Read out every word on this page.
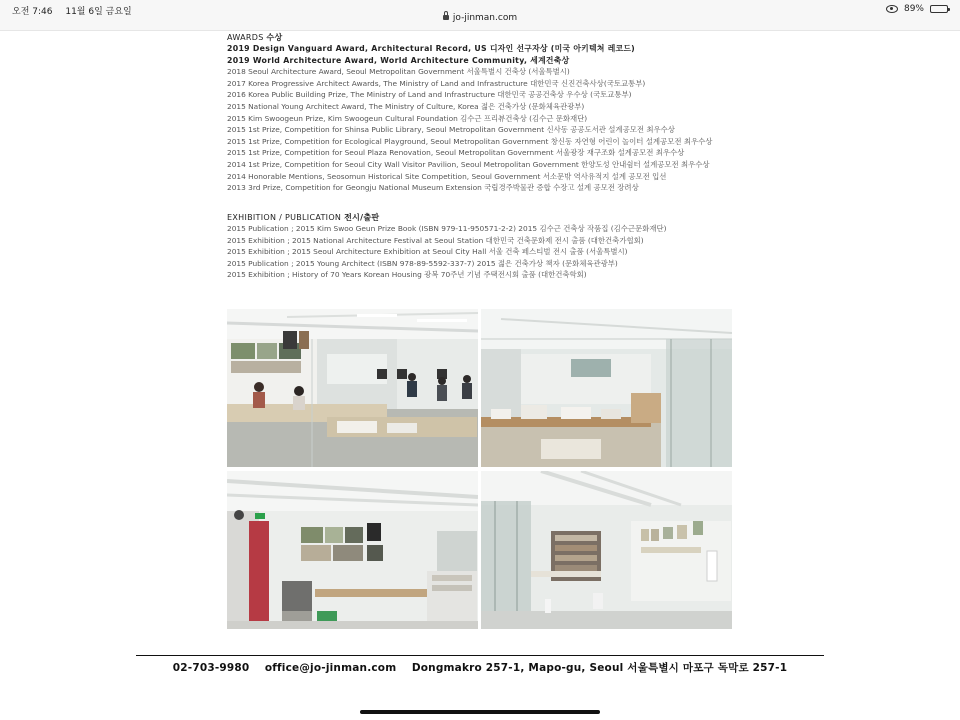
오전 7:46 11월 6일 금요일
jo-jinman.com
89%
AWARDS 수상
2019 Design Vanguard Award, Architectural Record, US 디자인 선구자상 (미국 아키텍쳐 레코드)
2019 World Architecture Award, World Architecture Community, 세계건축상
2018 Seoul Architecture Award, Seoul Metropolitan Government 서울특별시 건축상 (서울특별시)
2017 Korea Progressive Architect Awards, The Ministry of Land and Infrastructure 대한민국 신진건축사상(국토교통부)
2016 Korea Public Building Prize, The Ministry of Land and Infrastructure 대한민국 공공건축상 우수상 (국토교통부)
2015 National Young Architect Award, The Ministry of Culture, Korea 젊은 건축가상 (문화체육관광부)
2015 Kim Swoogeun Prize, Kim Swoogeun Cultural Foundation 김수근 프리뷰건축상 (김수근 문화재단)
2015 1st Prize, Competition for Shinsa Public Library, Seoul Metropolitan Government 신사동 공공도서관 설계공모전 최우수상
2015 1st Prize, Competition for Ecological Playground, Seoul Metropolitan Government 창신동 자연형 어린이 놀이터 설계공모전 최우수상
2015 1st Prize, Competition for Seoul Plaza Renovation, Seoul Metropolitan Government 서울광장 재구조화 설계공모전 최우수상
2014 1st Prize, Competition for Seoul City Wall Visitor Pavilion, Seoul Metropolitan Government 한양도성 안내쉼터 설계공모전 최우수상
2014 Honorable Mentions, Seosomun Historical Site Competition, Seoul Government 서소문밖 역사유적지 설계 공모전 입선
2013 3rd Prize, Competition for Geongju National Museum Extension 국립경주박물관 증합 수장고 설계 공모전 장려상
EXHIBITION / PUBLICATION 전시/출판
2015 Publication ; 2015 Kim Swoo Geun Prize Book (ISBN 979-11-950571-2-2) 2015 김수근 건축상 작품집 (김수근문화재단)
2015 Exhibition ; 2015 National Architecture Festival at Seoul Station 대한민국 건축문화제 전시 출품 (대한건축가협회)
2015 Exhibition ; 2015 Seoul Architecture Exhibition at Seoul City Hall 서울 건축 페스티벌 전시 출품 (서울특별시)
2015 Publication ; 2015 Young Architect (ISBN 978-89-5592-337-7) 2015 젊은 건축가상 책자 (문화체육관광부)
2015 Exhibition ; History of 70 Years Korean Housing 광복 70주년 기념 주택전시회 출품 (대한건축학회)
02-703-9980 office@jo-jinman.com Dongmakro 257-1, Mapo-gu, Seoul 서울특별시 마포구 독막로 257-1
